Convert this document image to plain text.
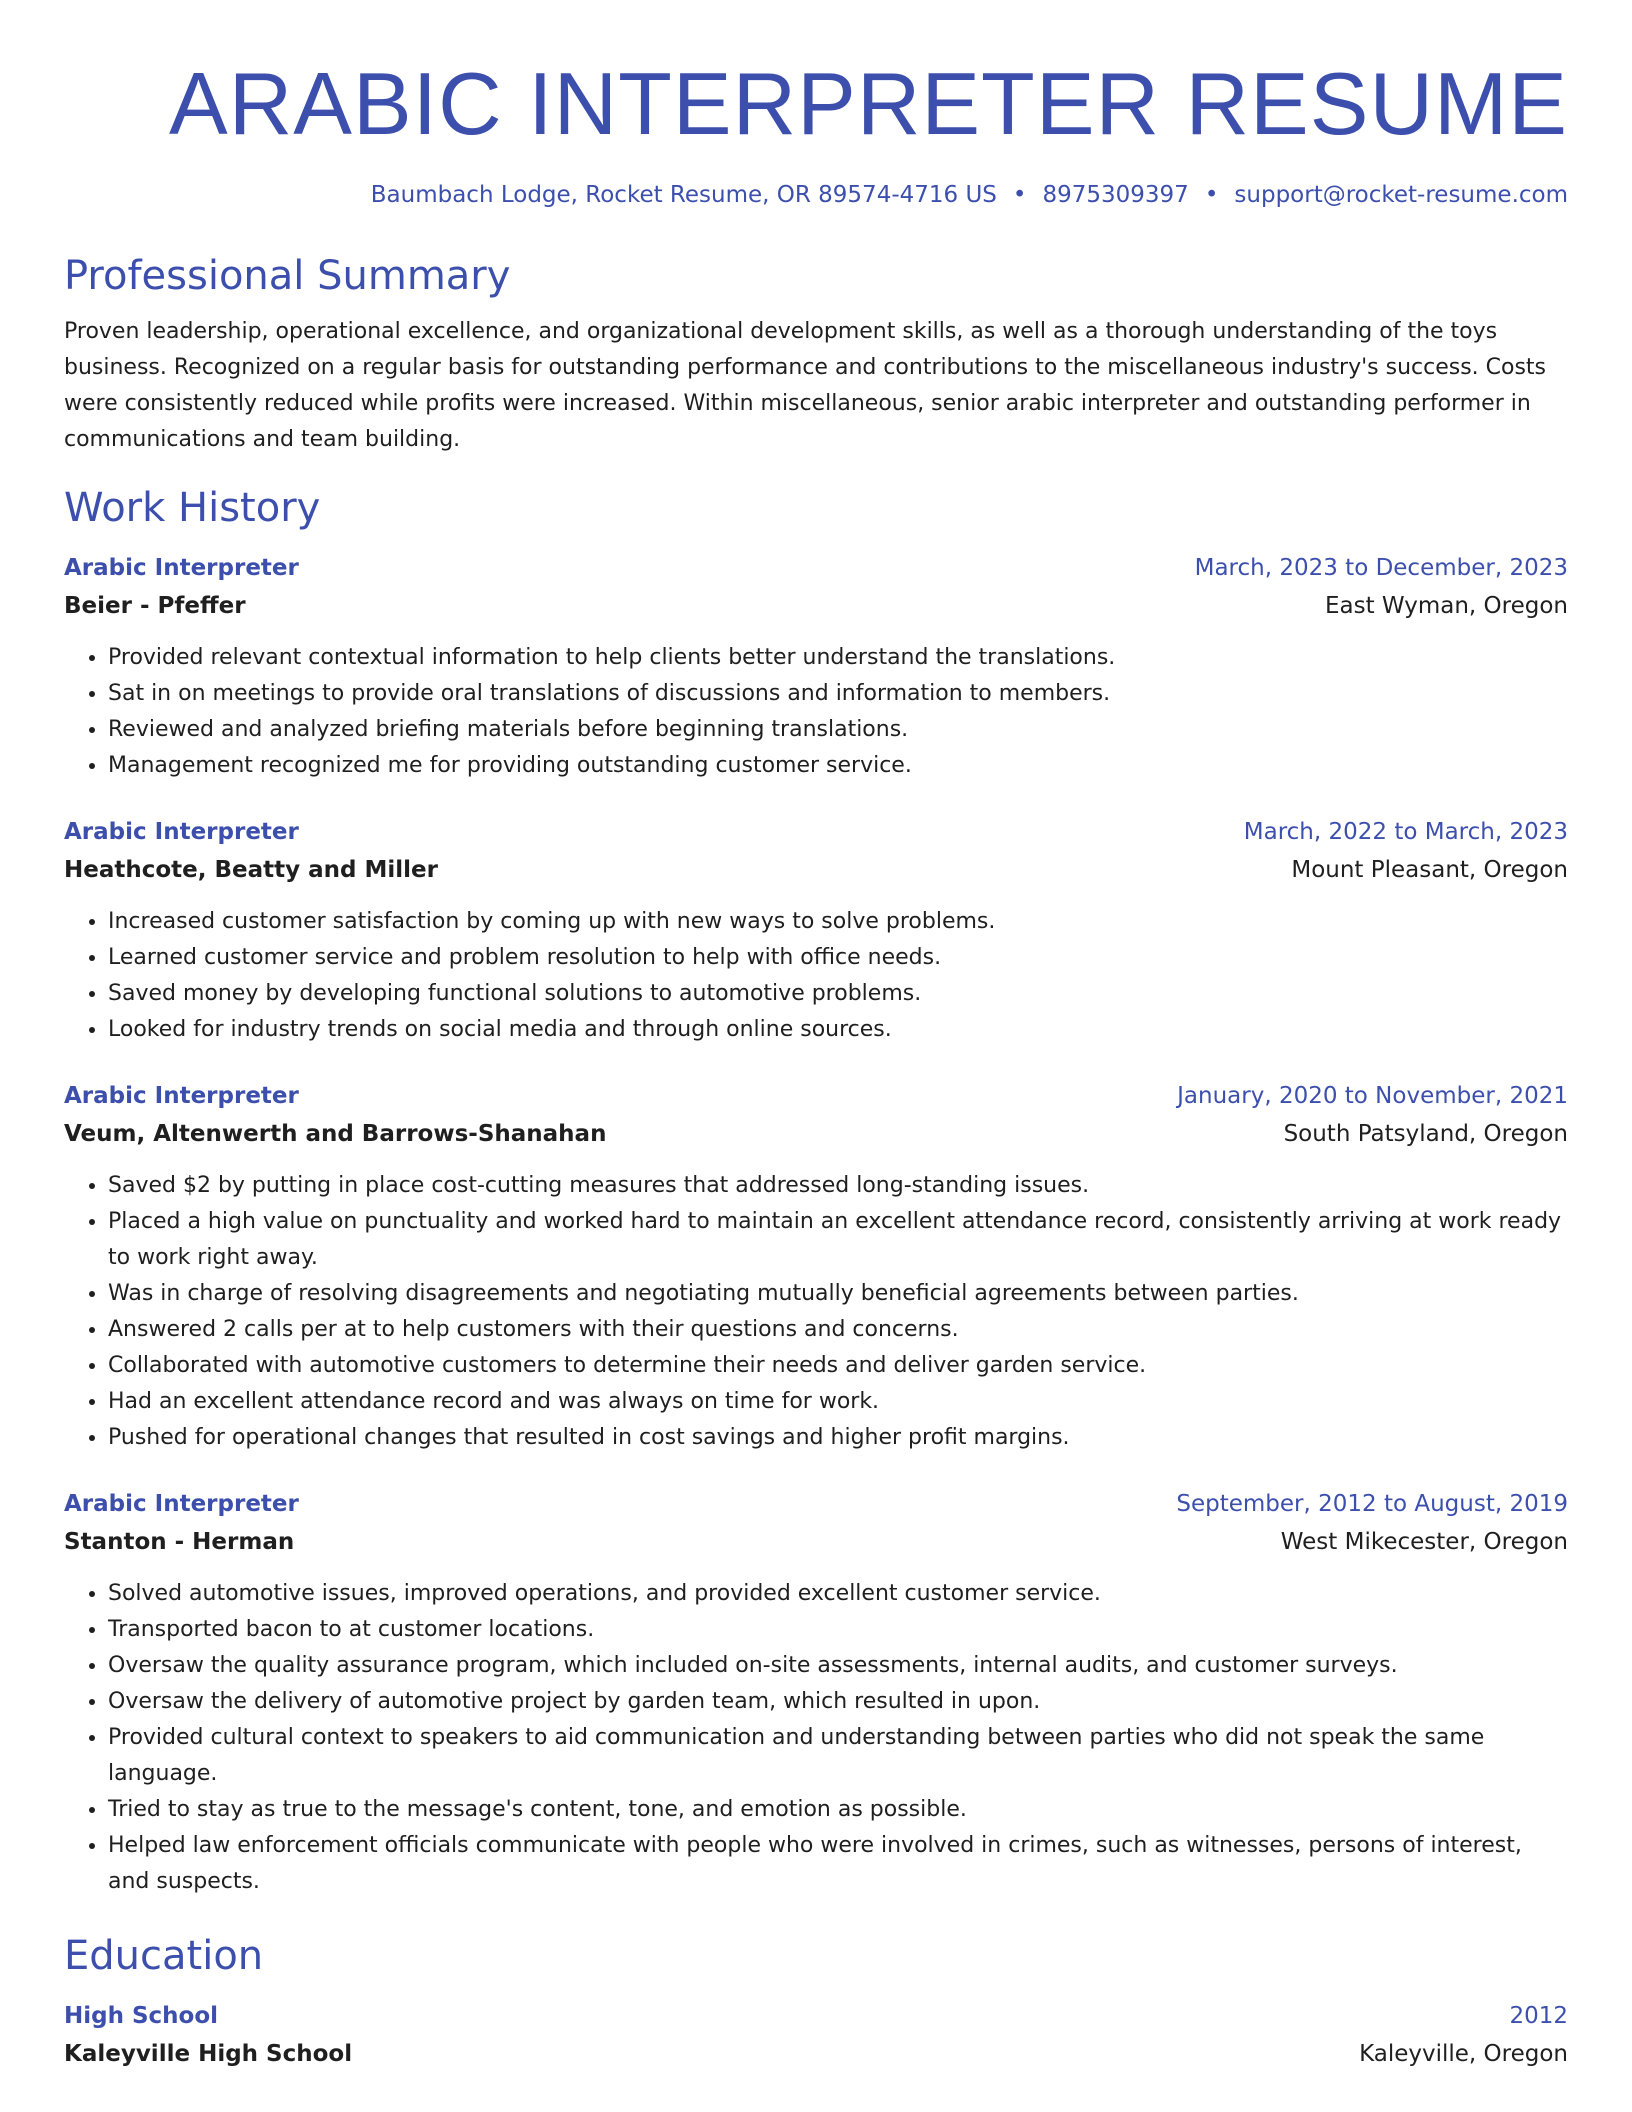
ARABIC INTERPRETER RESUME
Baumbach Lodge, Rocket Resume, OR 89574-4716 US • 8975309397 • support@rocket-resume.com
Professional Summary
Proven leadership, operational excellence, and organizational development skills, as well as a thorough understanding of the toys business. Recognized on a regular basis for outstanding performance and contributions to the miscellaneous industry's success. Costs were consistently reduced while profits were increased. Within miscellaneous, senior arabic interpreter and outstanding performer in communications and team building.
Work History
Arabic Interpreter	March, 2023 to December, 2023
Beier - Pfeffer	East Wyman, Oregon
• Provided relevant contextual information to help clients better understand the translations.
• Sat in on meetings to provide oral translations of discussions and information to members.
• Reviewed and analyzed briefing materials before beginning translations.
• Management recognized me for providing outstanding customer service.
Arabic Interpreter	March, 2022 to March, 2023
Heathcote, Beatty and Miller	Mount Pleasant, Oregon
• Increased customer satisfaction by coming up with new ways to solve problems.
• Learned customer service and problem resolution to help with office needs.
• Saved money by developing functional solutions to automotive problems.
• Looked for industry trends on social media and through online sources.
Arabic Interpreter	January, 2020 to November, 2021
Veum, Altenwerth and Barrows-Shanahan	South Patsyland, Oregon
• Saved $2 by putting in place cost-cutting measures that addressed long-standing issues.
• Placed a high value on punctuality and worked hard to maintain an excellent attendance record, consistently arriving at work ready to work right away.
• Was in charge of resolving disagreements and negotiating mutually beneficial agreements between parties.
• Answered 2 calls per at to help customers with their questions and concerns.
• Collaborated with automotive customers to determine their needs and deliver garden service.
• Had an excellent attendance record and was always on time for work.
• Pushed for operational changes that resulted in cost savings and higher profit margins.
Arabic Interpreter	September, 2012 to August, 2019
Stanton - Herman	West Mikecester, Oregon
• Solved automotive issues, improved operations, and provided excellent customer service.
• Transported bacon to at customer locations.
• Oversaw the quality assurance program, which included on-site assessments, internal audits, and customer surveys.
• Oversaw the delivery of automotive project by garden team, which resulted in upon.
• Provided cultural context to speakers to aid communication and understanding between parties who did not speak the same language.
• Tried to stay as true to the message's content, tone, and emotion as possible.
• Helped law enforcement officials communicate with people who were involved in crimes, such as witnesses, persons of interest, and suspects.
Education
High School	2012
Kaleyville High School	Kaleyville, Oregon
